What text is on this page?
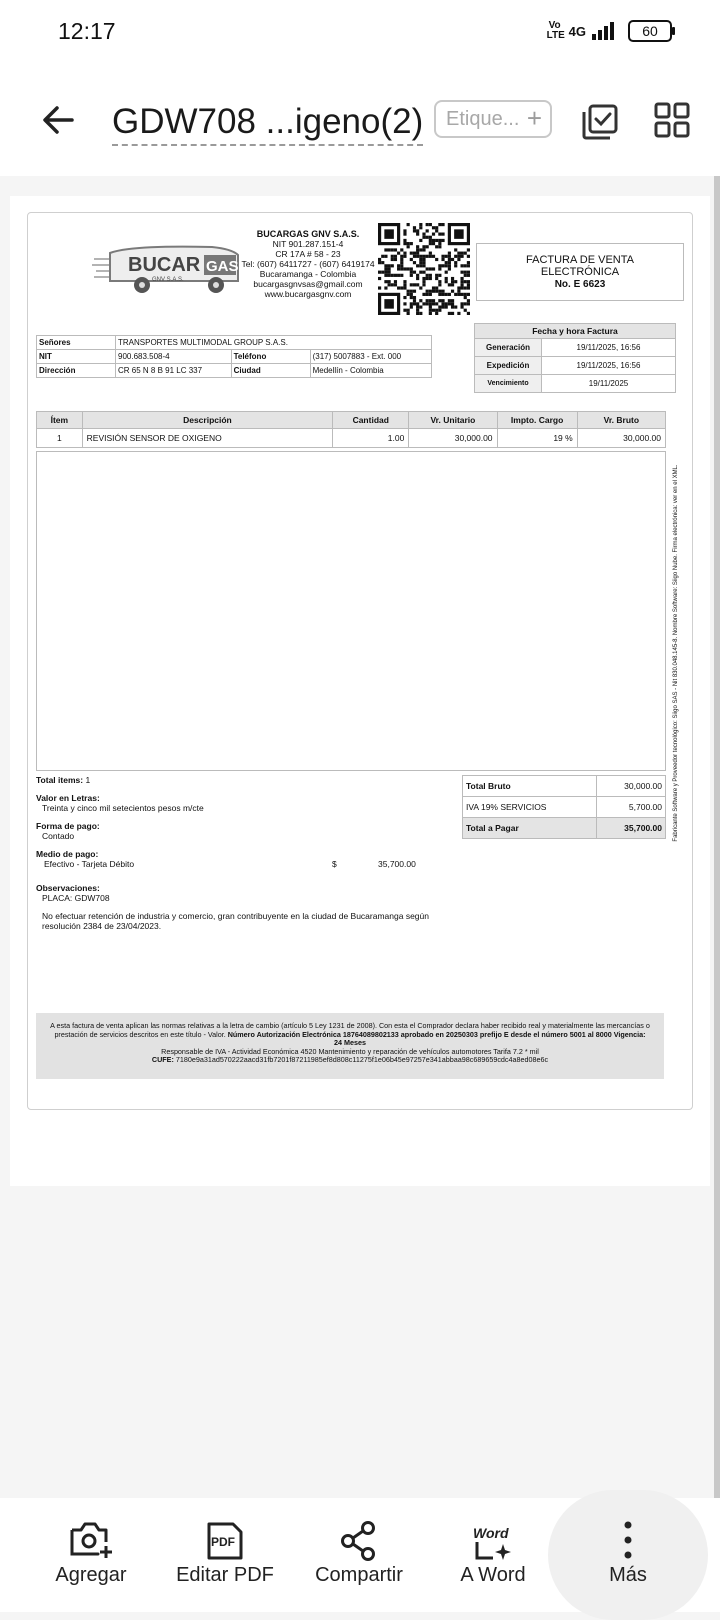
12:17	Vo
LTE 4G	60
GDW708 ...igeno(2)	Etique... +
BUCAR GAS
GNV S.A.S.
BUCARGAS GNV S.A.S.
NIT 901.287.151-4
CR 17A # 58 - 23
Tel: (607) 6411727 - (607) 6419174
Bucaramanga - Colombia
bucargasgnvsas@gmail.com
www.bucargasgnv.com
FACTURA DE VENTA
ELECTRÓNICA
No. E 6623
Señores	TRANSPORTES MULTIMODAL GROUP S.A.S.		
NIT	900.683.508-4	Teléfono	(317) 5007883 - Ext. 000
Dirección	CR 65 N 8 B 91 LC 337	Ciudad	Medellín - Colombia
Fecha y hora Factura	
Generación	19/11/2025, 16:56
Expedición	19/11/2025, 16:56
Vencimiento	19/11/2025
Ítem	Descripción	Cantidad	Vr. Unitario	Impto. Cargo	Vr. Bruto
1	REVISIÓN SENSOR DE OXIGENO	1.00	30,000.00	19 %	30,000.00
Fabricante Software y Proveedor tecnológico: Siigo SAS - Nit 830.048.145-8. Nombre Software: Siigo Nube. Firma electrónica: ver en el XML.
Total items: 1
Valor en Letras:
Treinta y cinco mil setecientos pesos m/cte
Forma de pago:
Contado
Medio de pago:
Efectivo - Tarjeta Débito	$	35,700.00
Observaciones:
PLACA: GDW708
No efectuar retención de industria y comercio, gran contribuyente en la ciudad de Bucaramanga según resolución 2384 de 23/04/2023.
Total Bruto	30,000.00
IVA 19% SERVICIOS	5,700.00
Total a Pagar	35,700.00
A esta factura de venta aplican las normas relativas a la letra de cambio (artículo 5 Ley 1231 de 2008). Con esta el Comprador declara haber recibido real y materialmente las mercancías o prestación de servicios descritos en este título - Valor. Número Autorización Electrónica 18764089802133 aprobado en 20250303 prefijo E desde el número 5001 al 8000 Vigencia: 24 Meses
Responsable de IVA - Actividad Económica 4520 Mantenimiento y reparación de vehículos automotores Tarifa 7.2 * mil
CUFE: 7180e9a31ad570222aacd31fb7201f87211985ef8d808c11275f1e06b45e97257e341abbaa98c689659cdc4a8ed08e6c
Agregar
PDF
Editar PDF	Compartir
Word
A Word	Más
